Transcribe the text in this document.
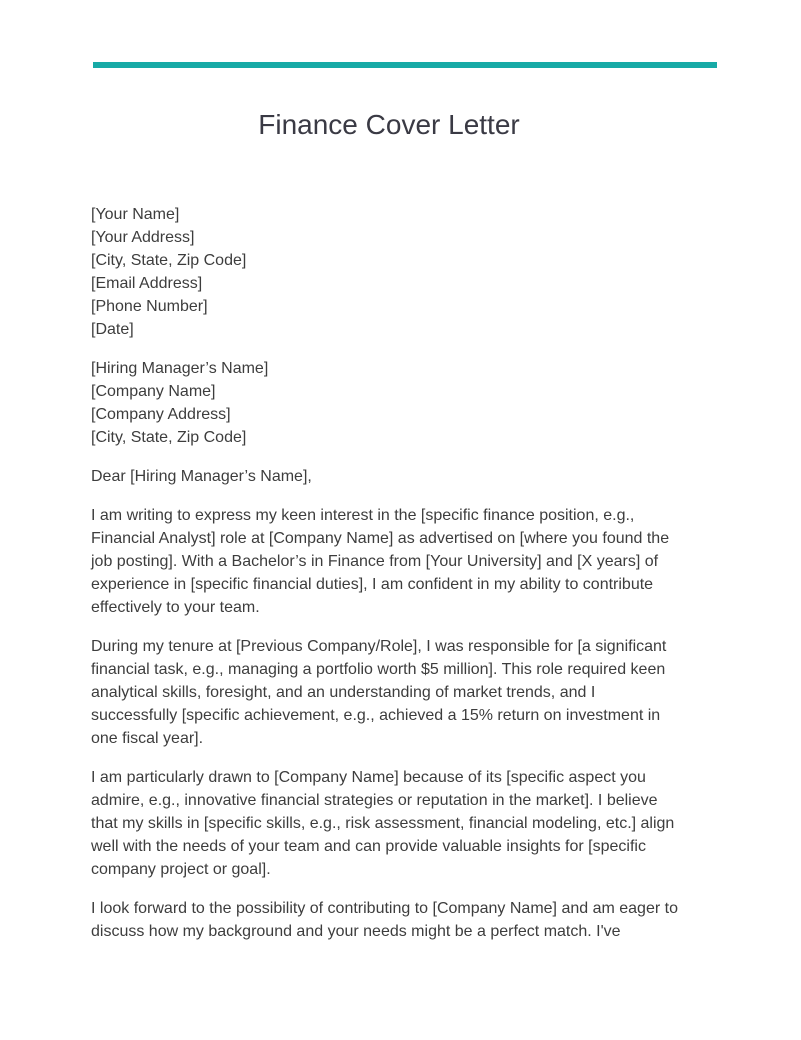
Finance Cover Letter
[Your Name]
[Your Address]
[City, State, Zip Code]
[Email Address]
[Phone Number]
[Date]
[Hiring Manager’s Name]
[Company Name]
[Company Address]
[City, State, Zip Code]
Dear [Hiring Manager’s Name],
I am writing to express my keen interest in the [specific finance position, e.g.,
Financial Analyst] role at [Company Name] as advertised on [where you found the
job posting]. With a Bachelor’s in Finance from [Your University] and [X years] of
experience in [specific financial duties], I am confident in my ability to contribute
effectively to your team.
During my tenure at [Previous Company/Role], I was responsible for [a significant
financial task, e.g., managing a portfolio worth $5 million]. This role required keen
analytical skills, foresight, and an understanding of market trends, and I
successfully [specific achievement, e.g., achieved a 15% return on investment in
one fiscal year].
I am particularly drawn to [Company Name] because of its [specific aspect you
admire, e.g., innovative financial strategies or reputation in the market]. I believe
that my skills in [specific skills, e.g., risk assessment, financial modeling, etc.] align
well with the needs of your team and can provide valuable insights for [specific
company project or goal].
I look forward to the possibility of contributing to [Company Name] and am eager to
discuss how my background and your needs might be a perfect match. I've
